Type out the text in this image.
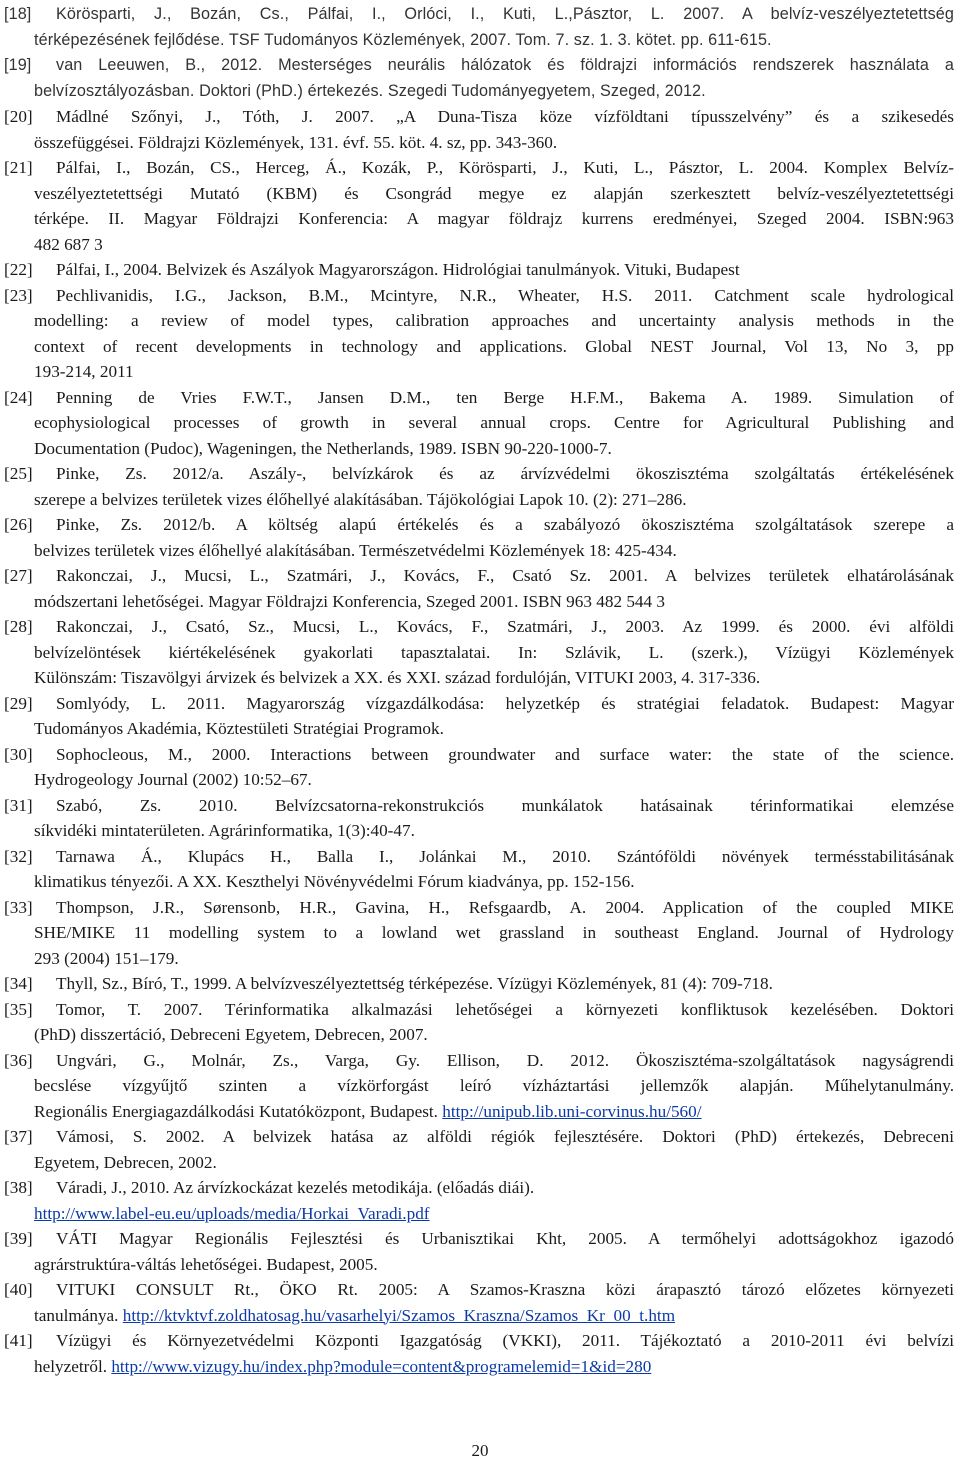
[18]	Körösparti, J., Bozán, Cs., Pálfai, I., Orlóci, I., Kuti, L.,Pásztor, L. 2007. A belvíz-veszélyeztetettség
térképezésének fejlődése. TSF Tudományos Közlemények, 2007. Tom. 7. sz. 1. 3. kötet. pp. 611-615.
[19]	van Leeuwen, B., 2012. Mesterséges neurális hálózatok és földrajzi információs rendszerek használata a
belvízosztályozásban. Doktori (PhD.) értekezés. Szegedi Tudományegyetem, Szeged, 2012.
[20]	Mádlné Szőnyi, J., Tóth, J. 2007. „A Duna-Tisza köze vízföldtani típusszelvény” és a szikesedés
összefüggései. Földrajzi Közlemények, 131. évf. 55. köt. 4. sz, pp. 343-360.
[21]	Pálfai, I., Bozán, CS., Herceg, Á., Kozák, P., Körösparti, J., Kuti, L., Pásztor, L. 2004. Komplex Belvíz-
veszélyeztetettségi Mutató (KBM) és Csongrád megye ez alapján szerkesztett belvíz-veszélyeztetettségi
térképe. II. Magyar Földrajzi Konferencia: A magyar földrajz kurrens eredményei, Szeged 2004. ISBN:963
482 687 3
[22]	Pálfai, I., 2004. Belvizek és Aszályok Magyarországon. Hidrológiai tanulmányok. Vituki, Budapest
[23]	Pechlivanidis, I.G., Jackson, B.M., Mcintyre, N.R., Wheater, H.S. 2011. Catchment scale hydrological
modelling: a review of model types, calibration approaches and uncertainty analysis methods in the
context of recent developments in technology and applications. Global NEST Journal, Vol 13, No 3, pp
193-214, 2011
[24]	Penning de Vries F.W.T., Jansen D.M., ten Berge H.F.M., Bakema A. 1989. Simulation of
ecophysiological processes of growth in several annual crops. Centre for Agricultural Publishing and
Documentation (Pudoc), Wageningen, the Netherlands, 1989. ISBN 90-220-1000-7.
[25]	Pinke, Zs. 2012/a. Aszály-, belvízkárok és az árvízvédelmi ökoszisztéma szolgáltatás értékelésének
szerepe a belvizes területek vizes élőhellyé alakításában. Tájökológiai Lapok 10. (2): 271–286.
[26]	Pinke, Zs. 2012/b. A költség alapú értékelés és a szabályozó ökoszisztéma szolgáltatások szerepe a
belvizes területek vizes élőhellyé alakításában. Természetvédelmi Közlemények 18: 425-434.
[27]	Rakonczai, J., Mucsi, L., Szatmári, J., Kovács, F., Csató Sz. 2001. A belvizes területek elhatárolásának
módszertani lehetőségei. Magyar Földrajzi Konferencia, Szeged 2001. ISBN 963 482 544 3
[28]	Rakonczai, J., Csató, Sz., Mucsi, L., Kovács, F., Szatmári, J., 2003. Az 1999. és 2000. évi alföldi
belvízelöntések kiértékelésének gyakorlati tapasztalatai. In: Szlávik, L. (szerk.), Vízügyi Közlemények
Különszám: Tiszavölgyi árvizek és belvizek a XX. és XXI. század fordulóján, VITUKI 2003, 4. 317-336.
[29]	Somlyódy, L. 2011. Magyarország vízgazdálkodása: helyzetkép és stratégiai feladatok. Budapest: Magyar
Tudományos Akadémia, Köztestületi Stratégiai Programok.
[30]	Sophocleous, M., 2000. Interactions between groundwater and surface water: the state of the science.
Hydrogeology Journal (2002) 10:52–67.
[31]	Szabó, Zs. 2010. Belvízcsatorna-rekonstrukciós munkálatok hatásainak térinformatikai elemzése
síkvidéki mintaterületen. Agrárinformatika, 1(3):40-47.
[32]	Tarnawa Á., Klupács H., Balla I., Jolánkai M., 2010. Szántóföldi növények termésstabilitásának
klimatikus tényezői. A XX. Keszthelyi Növényvédelmi Fórum kiadványa, pp. 152-156.
[33]	Thompson, J.R., Sørensonb, H.R., Gavina, H., Refsgaardb, A. 2004. Application of the coupled MIKE
SHE/MIKE 11 modelling system to a lowland wet grassland in southeast England. Journal of Hydrology
293 (2004) 151–179.
[34]	Thyll, Sz., Bíró, T., 1999. A belvízveszélyeztettség térképezése. Vízügyi Közlemények, 81 (4): 709-718.
[35]	Tomor, T. 2007. Térinformatika alkalmazási lehetőségei a környezeti konfliktusok kezelésében. Doktori
(PhD) disszertáció, Debreceni Egyetem, Debrecen, 2007.
[36]	Ungvári, G., Molnár, Zs., Varga, Gy. Ellison, D. 2012. Ökoszisztéma-szolgáltatások nagyságrendi
becslése vízgyűjtő szinten a vízkörforgást leíró vízháztartási jellemzők alapján. Műhelytanulmány.
Regionális Energiagazdálkodási Kutatóközpont, Budapest. http://unipub.lib.uni-corvinus.hu/560/
[37]	Vámosi, S. 2002. A belvizek hatása az alföldi régiók fejlesztésére. Doktori (PhD) értekezés, Debreceni
Egyetem, Debrecen, 2002.
[38]	Váradi, J., 2010. Az árvízkockázat kezelés metodikája. (előadás diái).
http://www.label-eu.eu/uploads/media/Horkai_Varadi.pdf
[39]	VÁTI Magyar Regionális Fejlesztési és Urbanisztikai Kht, 2005. A termőhelyi adottságokhoz igazodó
agrárstruktúra-váltás lehetőségei. Budapest, 2005.
[40]	VITUKI CONSULT Rt., ÖKO Rt. 2005: A Szamos-Kraszna közi árapasztó tározó előzetes környezeti
tanulmánya. http://ktvktvf.zoldhatosag.hu/vasarhelyi/Szamos_Kraszna/Szamos_Kr_00_t.htm
[41]	Vízügyi és Környezetvédelmi Központi Igazgatóság (VKKI), 2011. Tájékoztató a 2010-2011 évi belvízi
helyzetről. http://www.vizugy.hu/index.php?module=content&programelemid=1&id=280
20
